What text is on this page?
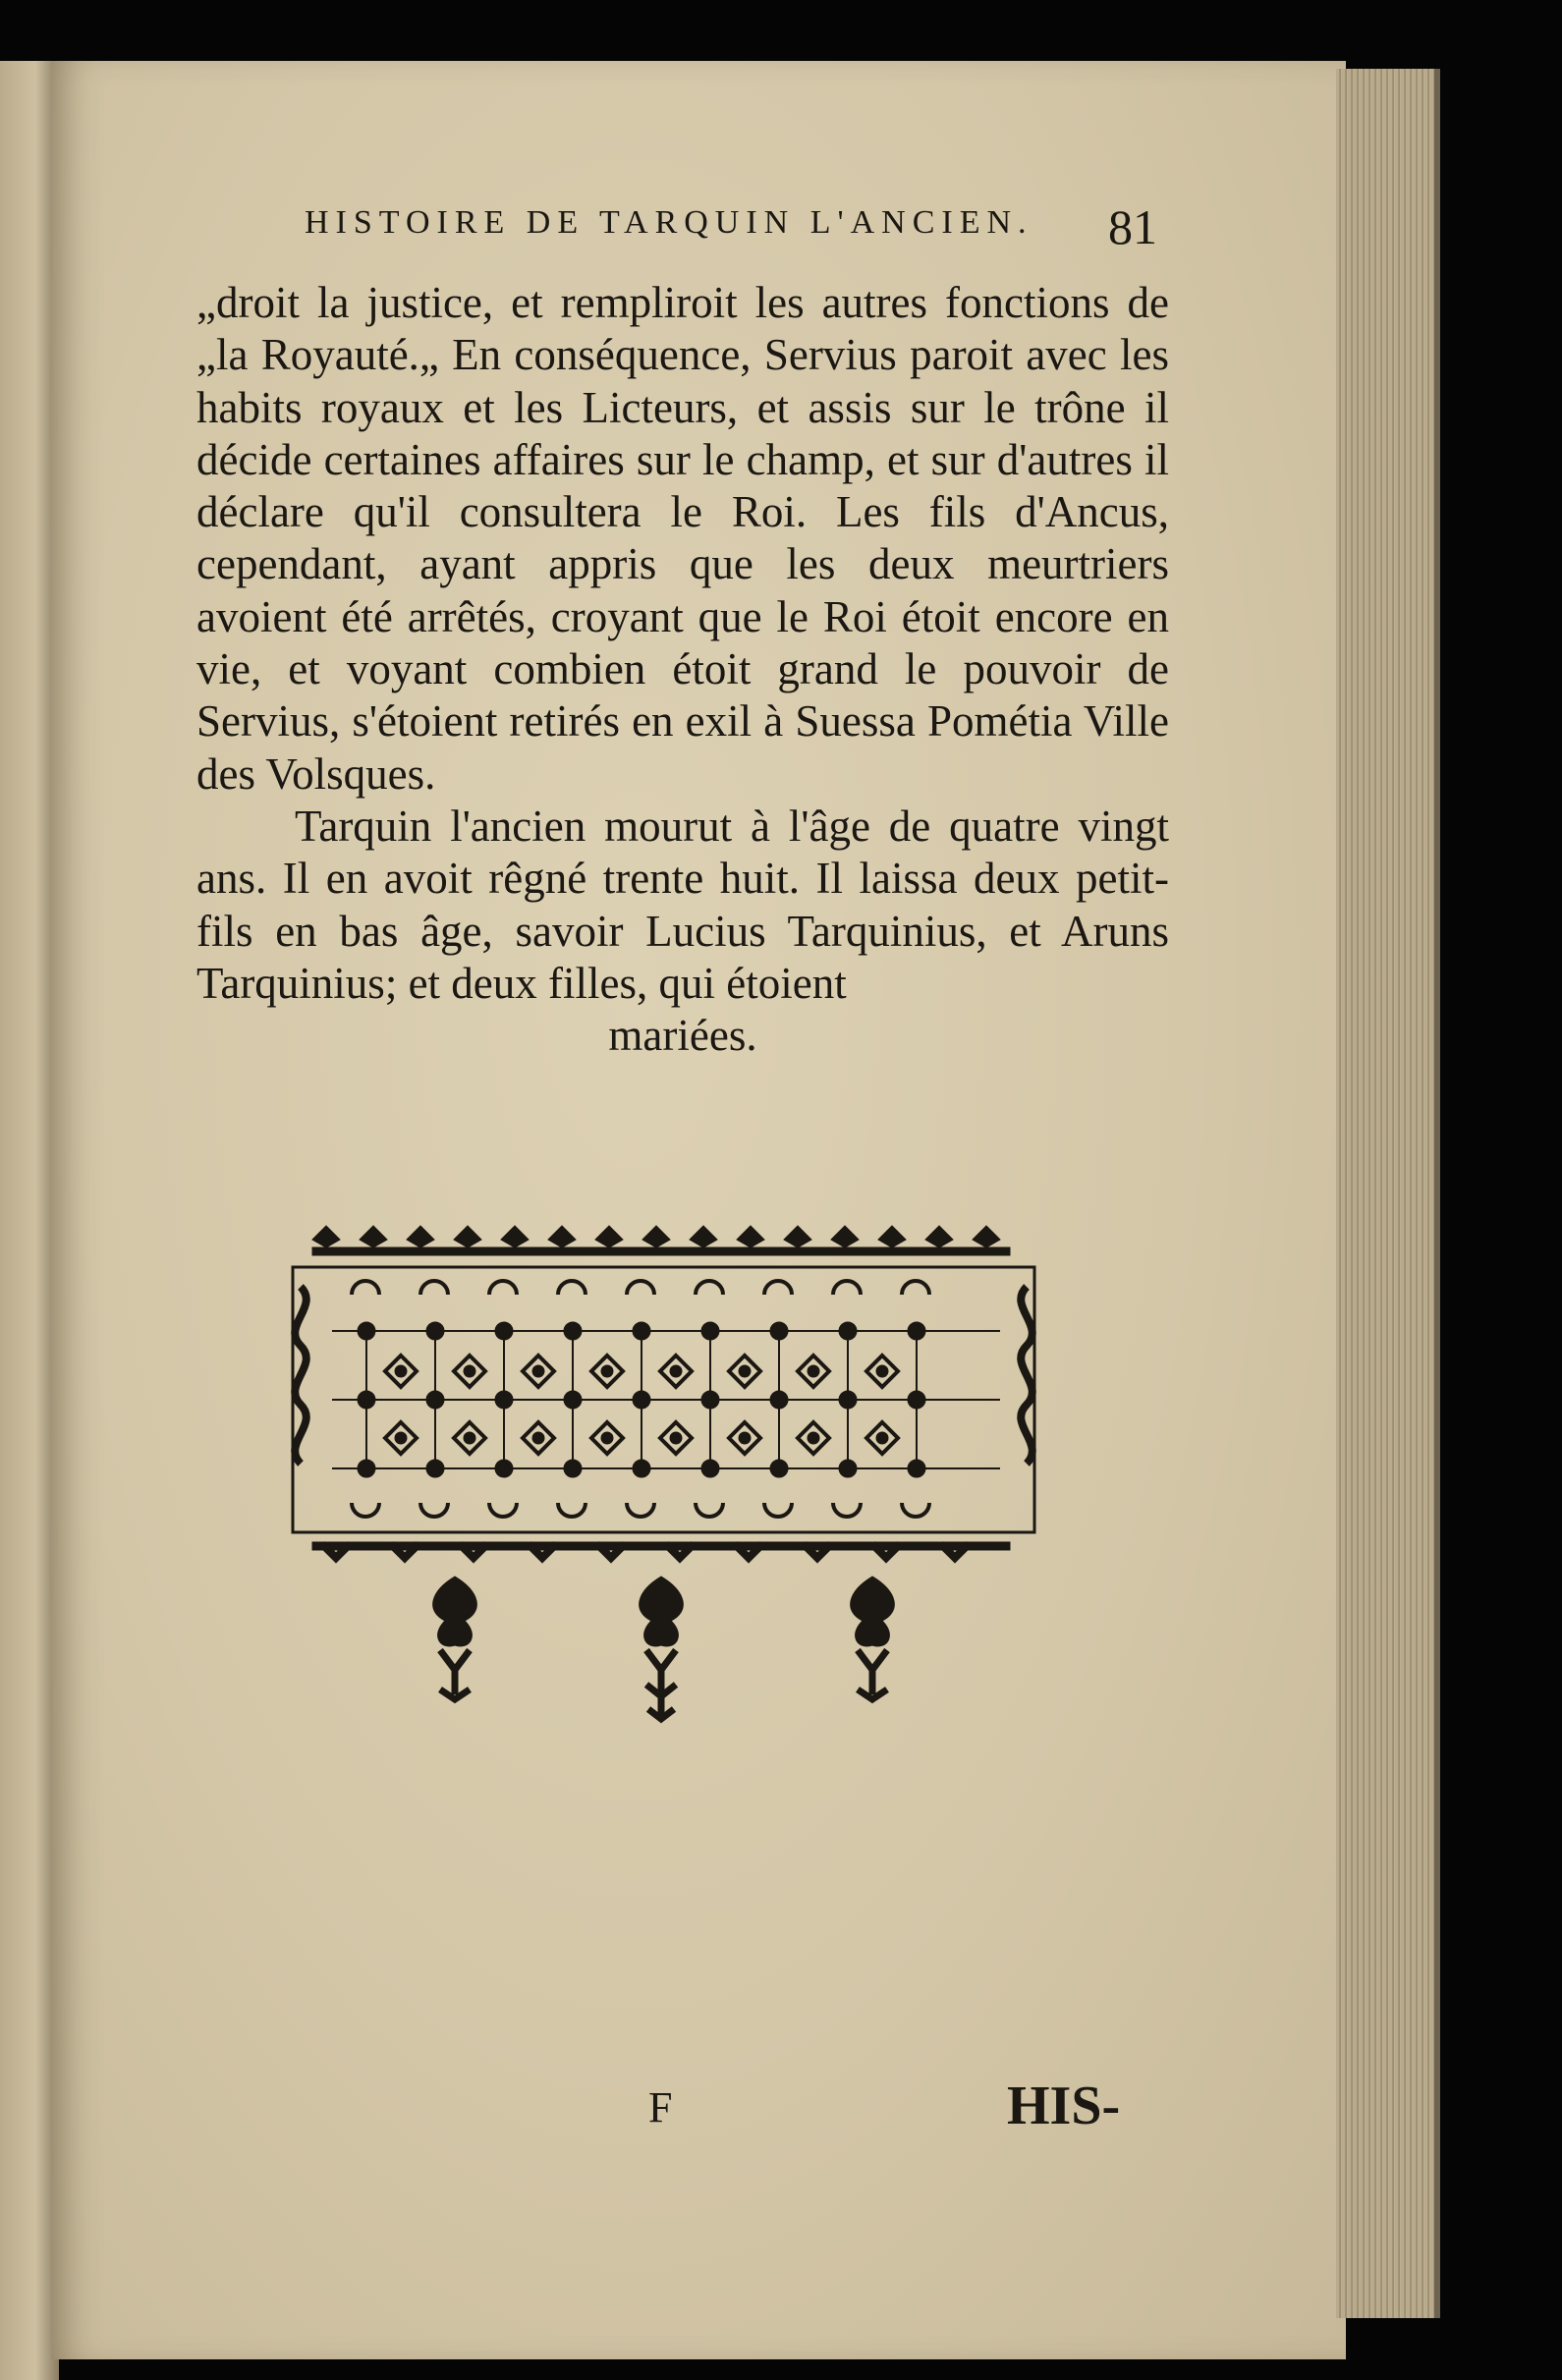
HISTOIRE DE TARQUIN L'ANCIEN.	81

„droit la justice, et rempliroit les autres fonctions de „la Royauté.„ En conséquence, Servius paroit avec les habits royaux et les Licteurs, et assis sur le trône il décide certaines affaires sur le champ, et sur d'autres il déclare qu'il consultera le Roi. Les fils d'Ancus, cependant, ayant appris que les deux meurtriers avoient été arrêtés, croyant que le Roi étoit encore en vie, et voyant combien étoit grand le pouvoir de Servius, s'étoient retirés en exil à Suessa Pométia Ville des Volsques.

Tarquin l'ancien mourut à l'âge de quatre vingt ans. Il en avoit rêgné trente huit. Il laissa deux petit-fils en bas âge, savoir Lucius Tarquinius, et Aruns Tarquinius; et deux filles, qui étoient

mariées.

F	HIS-
